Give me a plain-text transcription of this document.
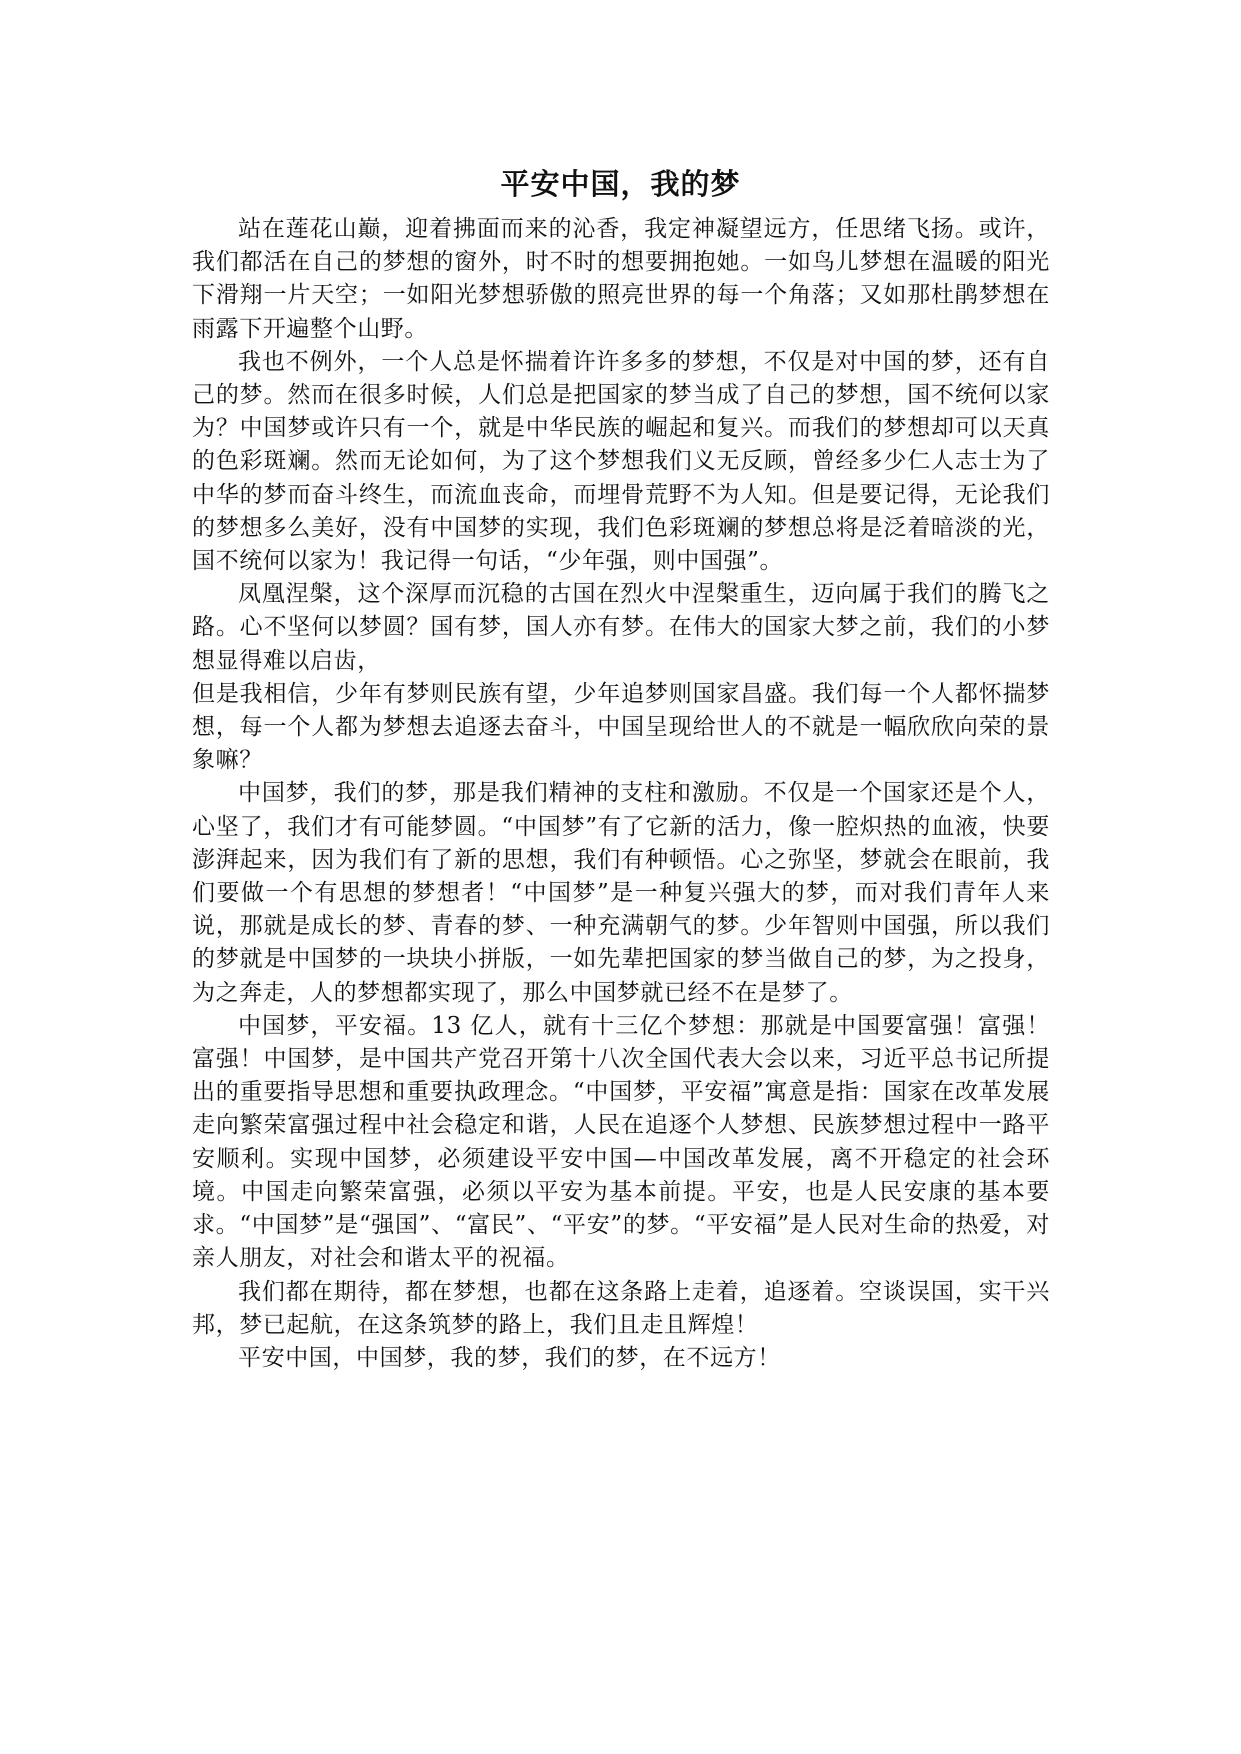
平安中国，我的梦

站在莲花山巅，迎着拂面而来的沁香，我定神凝望远方，任思绪飞扬。或许，我们都活在自己的梦想的窗外，时不时的想要拥抱她。一如鸟儿梦想在温暖的阳光下滑翔一片天空；一如阳光梦想骄傲的照亮世界的每一个角落；又如那杜鹃梦想在雨露下开遍整个山野。

我也不例外，一个人总是怀揣着许许多多的梦想，不仅是对中国的梦，还有自己的梦。然而在很多时候，人们总是把国家的梦当成了自己的梦想，国不统何以家为？中国梦或许只有一个，就是中华民族的崛起和复兴。而我们的梦想却可以天真的色彩斑斓。然而无论如何，为了这个梦想我们义无反顾，曾经多少仁人志士为了中华的梦而奋斗终生，而流血丧命，而埋骨荒野不为人知。但是要记得，无论我们的梦想多么美好，没有中国梦的实现，我们色彩斑斓的梦想总将是泛着暗淡的光，国不统何以家为！我记得一句话，“少年强，则中国强”。

凤凰涅槃，这个深厚而沉稳的古国在烈火中涅槃重生，迈向属于我们的腾飞之路。心不坚何以梦圆？国有梦，国人亦有梦。在伟大的国家大梦之前，我们的小梦想显得难以启齿，

但是我相信，少年有梦则民族有望，少年追梦则国家昌盛。我们每一个人都怀揣梦想，每一个人都为梦想去追逐去奋斗，中国呈现给世人的不就是一幅欣欣向荣的景象嘛？

中国梦，我们的梦，那是我们精神的支柱和激励。不仅是一个国家还是个人，心坚了，我们才有可能梦圆。“中国梦”有了它新的活力，像一腔炽热的血液，快要澎湃起来，因为我们有了新的思想，我们有种顿悟。心之弥坚，梦就会在眼前，我们要做一个有思想的梦想者！“中国梦”是一种复兴强大的梦，而对我们青年人来说，那就是成长的梦、青春的梦、一种充满朝气的梦。少年智则中国强，所以我们的梦就是中国梦的一块块小拼版，一如先辈把国家的梦当做自己的梦，为之投身，为之奔走，人的梦想都实现了，那么中国梦就已经不在是梦了。

中国梦，平安福。13 亿人，就有十三亿个梦想：那就是中国要富强！富强！富强！中国梦，是中国共产党召开第十八次全国代表大会以来，习近平总书记所提出的重要指导思想和重要执政理念。“中国梦，平安福”寓意是指：国家在改革发展走向繁荣富强过程中社会稳定和谐，人民在追逐个人梦想、民族梦想过程中一路平安顺利。实现中国梦，必须建设平安中国—中国改革发展，离不开稳定的社会环境。中国走向繁荣富强，必须以平安为基本前提。平安，也是人民安康的基本要求。“中国梦”是“强国”、“富民”、“平安”的梦。“平安福”是人民对生命的热爱，对亲人朋友，对社会和谐太平的祝福。

我们都在期待，都在梦想，也都在这条路上走着，追逐着。空谈误国，实干兴邦，梦已起航，在这条筑梦的路上，我们且走且辉煌！

平安中国，中国梦，我的梦，我们的梦，在不远方！
